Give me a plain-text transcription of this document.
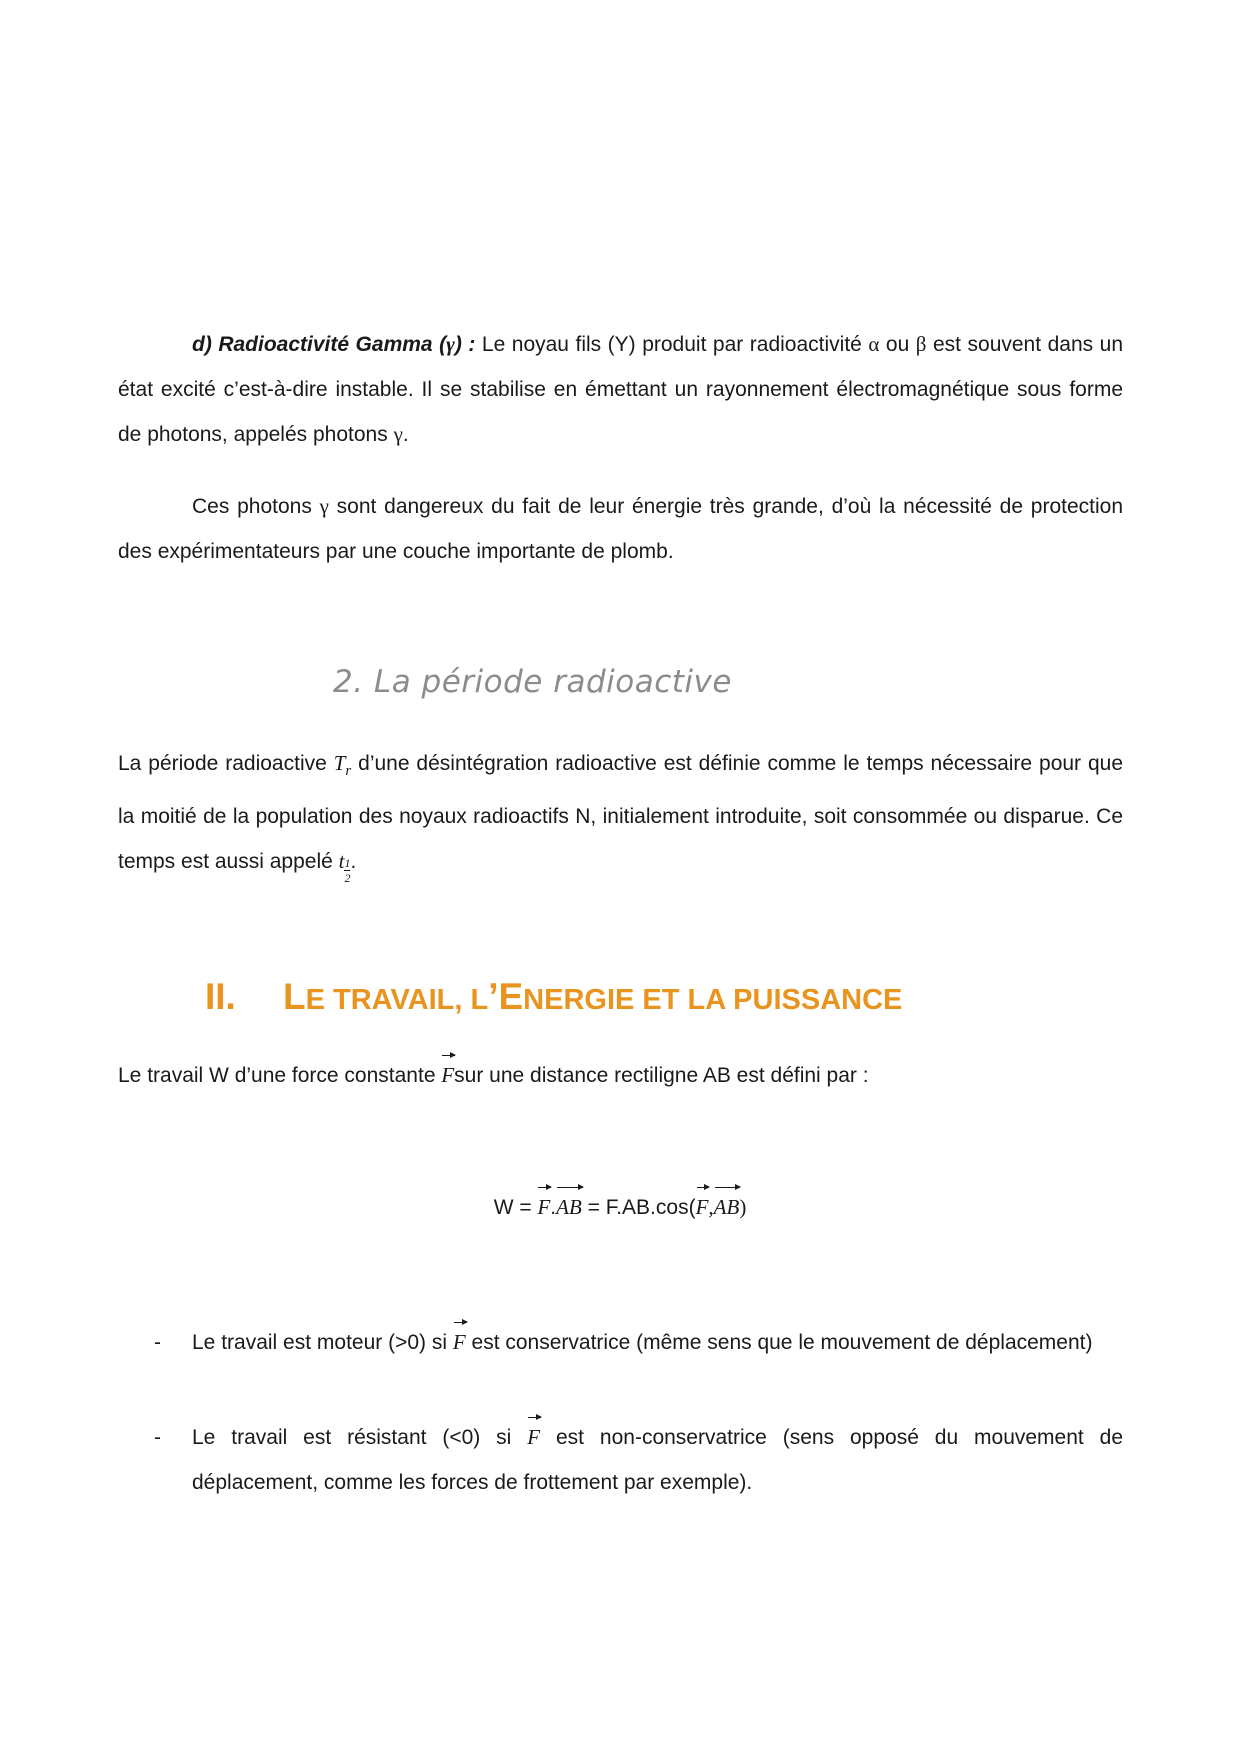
d) Radioactivité Gamma (γ) : Le noyau fils (Y) produit par radioactivité α ou β est souvent dans un état excité c’est-à-dire instable. Il se stabilise en émettant un rayonnement électromagnétique sous forme de photons, appelés photons γ.

Ces photons γ sont dangereux du fait de leur énergie très grande, d’où la nécessité de protection des expérimentateurs par une couche importante de plomb.

2. La période radioactive

La période radioactive $T_r$ d’une désintégration radioactive est définie comme le temps nécessaire pour que la moitié de la population des noyaux radioactifs N, initialement introduite, soit consommée ou disparue. Ce temps est aussi appelé t $\frac{1}{2}$ .

II. LE TRAVAIL, L’ENERGIE ET LA PUISSANCE

Le travail W d’une force constante Fsur une distance rectiligne AB est défini par :

W = F.AB = F.AB.cos(F,AB)
- Le travail est moteur (>0) si F est conservatrice (même sens que le mouvement de déplacement)
- Le travail est résistant (<0) si F est non-conservatrice (sens opposé du mouvement de déplacement, comme les forces de frottement par exemple).
